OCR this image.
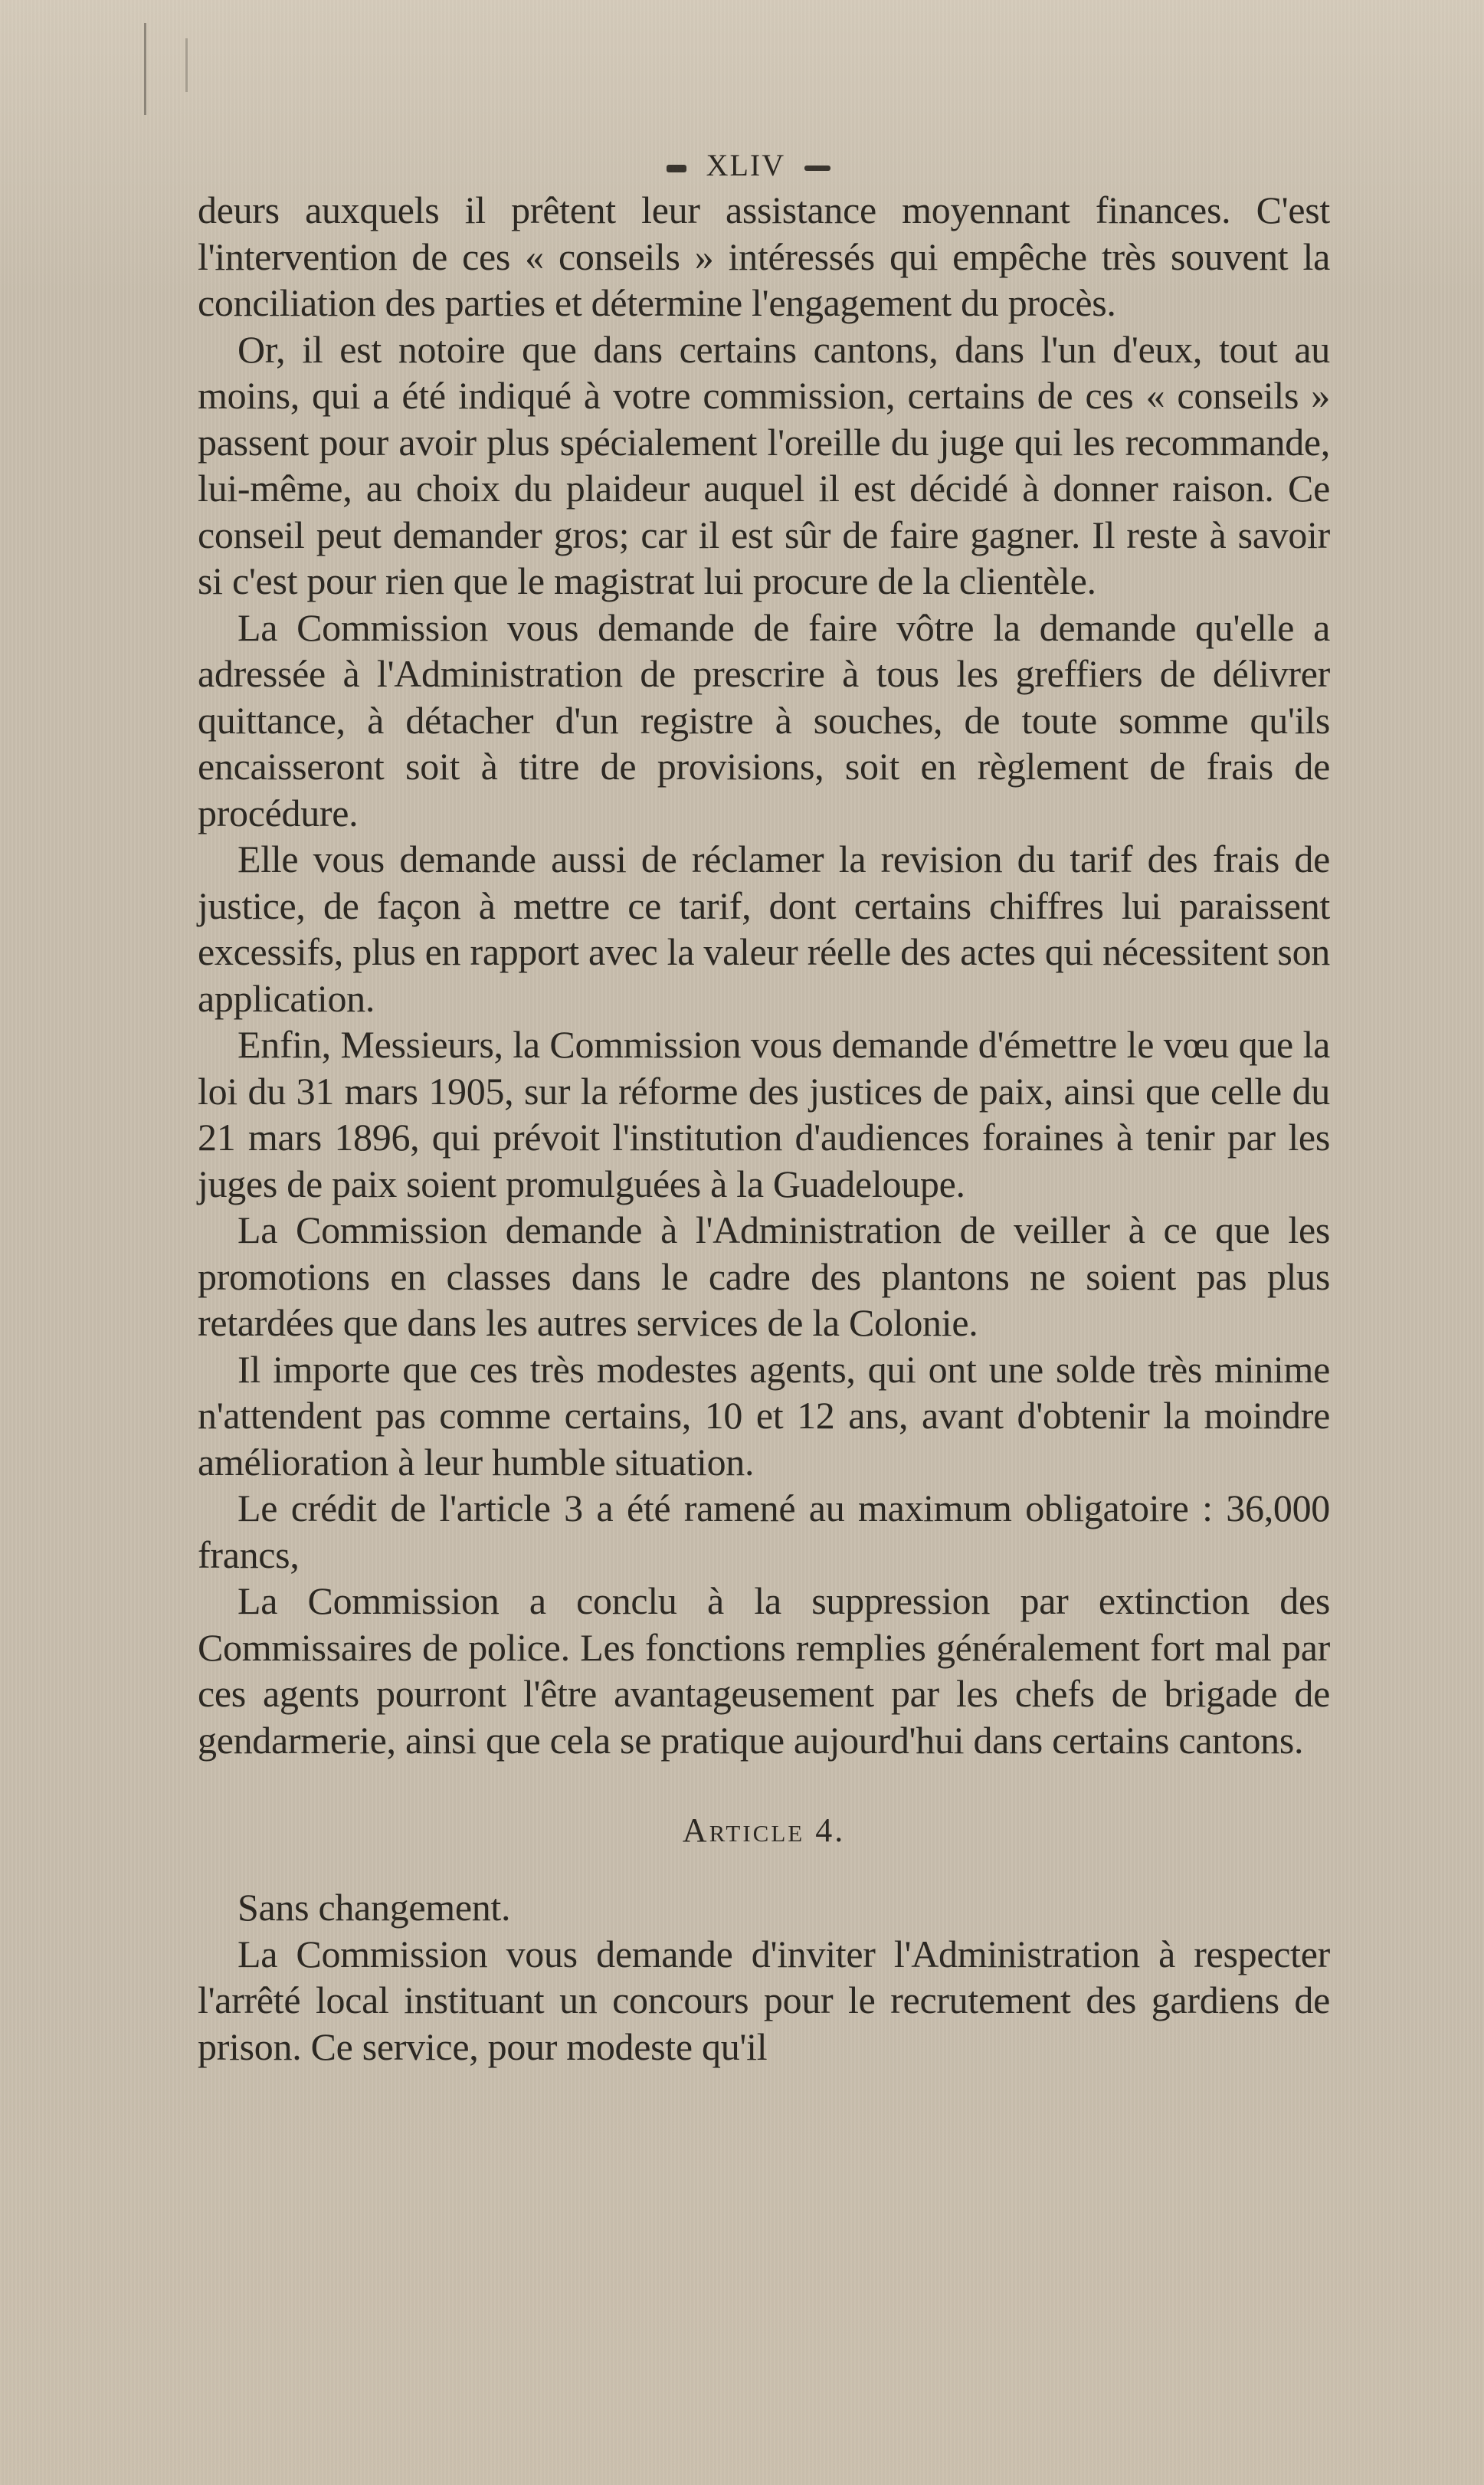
XLIV

deurs auxquels il prêtent leur assistance moyennant finances. C'est l'intervention de ces « conseils » intéressés qui empêche très souvent la conciliation des parties et détermine l'engagement du procès.

Or, il est notoire que dans certains cantons, dans l'un d'eux, tout au moins, qui a été indiqué à votre commission, certains de ces « conseils » passent pour avoir plus spécialement l'oreille du juge qui les recommande, lui-même, au choix du plaideur auquel il est décidé à donner raison. Ce conseil peut demander gros; car il est sûr de faire gagner. Il reste à savoir si c'est pour rien que le magistrat lui procure de la clientèle.

La Commission vous demande de faire vôtre la demande qu'elle a adressée à l'Administration de prescrire à tous les greffiers de délivrer quittance, à détacher d'un registre à souches, de toute somme qu'ils encaisseront soit à titre de provisions, soit en règlement de frais de procédure.

Elle vous demande aussi de réclamer la revision du tarif des frais de justice, de façon à mettre ce tarif, dont certains chiffres lui paraissent excessifs, plus en rapport avec la valeur réelle des actes qui nécessitent son application.

Enfin, Messieurs, la Commission vous demande d'émettre le vœu que la loi du 31 mars 1905, sur la réforme des justices de paix, ainsi que celle du 21 mars 1896, qui prévoit l'institution d'audiences foraines à tenir par les juges de paix soient promulguées à la Guadeloupe.

La Commission demande à l'Administration de veiller à ce que les promotions en classes dans le cadre des plantons ne soient pas plus retardées que dans les autres services de la Colonie.

Il importe que ces très modestes agents, qui ont une solde très minime n'attendent pas comme certains, 10 et 12 ans, avant d'obtenir la moindre amélioration à leur humble situation.

Le crédit de l'article 3 a été ramené au maximum obligatoire : 36,000 francs,

La Commission a conclu à la suppression par extinction des Commissaires de police. Les fonctions remplies généralement fort mal par ces agents pourront l'être avantageusement par les chefs de brigade de gendarmerie, ainsi que cela se pratique aujourd'hui dans certains cantons.

Article 4.

Sans changement.

La Commission vous demande d'inviter l'Administration à respecter l'arrêté local instituant un concours pour le recrutement des gardiens de prison. Ce service, pour modeste qu'il
